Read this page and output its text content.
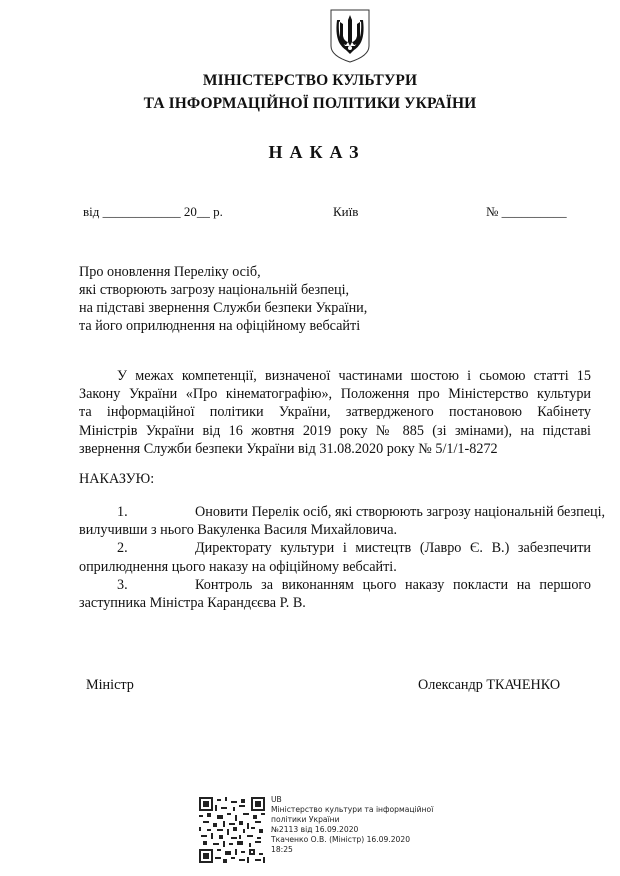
МІНІСТЕРСТВО КУЛЬТУРИ
ТА ІНФОРМАЦІЙНОЇ ПОЛІТИКИ УКРАЇНИ
НАКАЗ
від ____________ 20__ р.	Київ	№ __________
Про оновлення Переліку осіб,
які створюють загрозу національній безпеці,
на підставі звернення Служби безпеки України,
та його оприлюднення на офіційному вебсайті
У межах компетенції, визначеної частинами шостою і сьомою статті 15
Закону України «Про кінематографію», Положення про Міністерство культури
та інформаційної політики України, затвердженого постановою Кабінету
Міністрів України від 16 жовтня 2019 року № 885 (зі змінами), на підставі
звернення Служби безпеки України від 31.08.2020 року № 5/1/1-8272
НАКАЗУЮ:
1.	Оновити Перелік осіб, які створюють загрозу національній безпеці,
вилучивши з нього Вакуленка Василя Михайловича.
2.	Директорату культури і мистецтв (Лавро Є. В.) забезпечити
оприлюднення цього наказу на офіційному вебсайті.
3.	Контроль за виконанням цього наказу покласти на першого
заступника Міністра Карандєєва Р. В.
Міністр	Олександр ТКАЧЕНКО
UB
Міністерство культури та інформаційної
політики України
№2113 від 16.09.2020
Ткаченко О.В. (Міністр) 16.09.2020
18:25
